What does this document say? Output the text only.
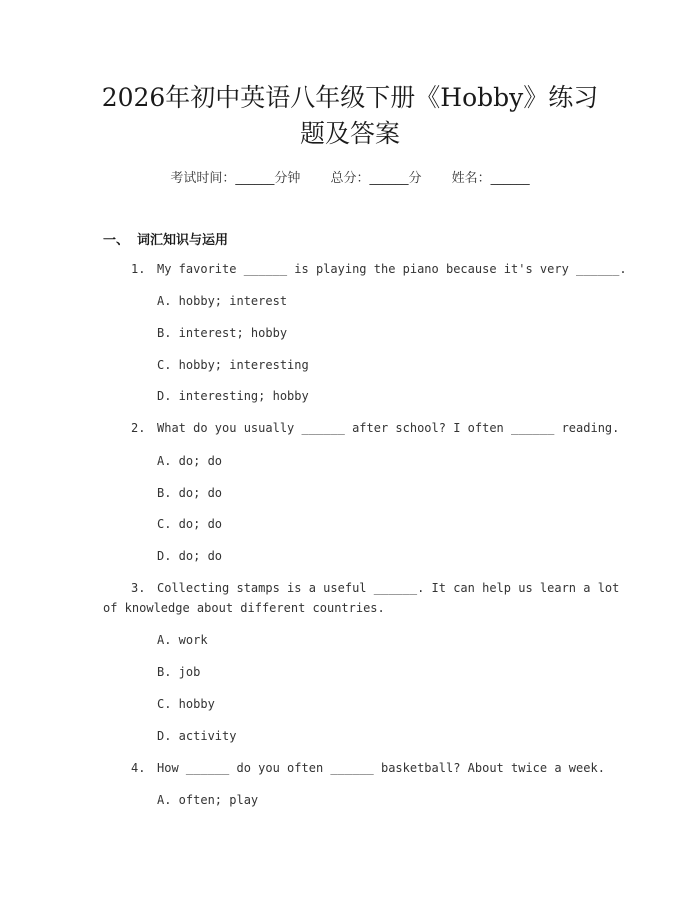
2026年初中英语八年级下册《Hobby》练习
题及答案
考试时间：______分钟 总分：______分 姓名：______
一、 词汇知识与运用
1. My favorite ______ is playing the piano because it's very ______.
A. hobby; interest
B. interest; hobby
C. hobby; interesting
D. interesting; hobby
2. What do you usually ______ after school? I often ______ reading.
A. do; do
B. do; do
C. do; do
D. do; do
3. Collecting stamps is a useful ______. It can help us learn a lot
of knowledge about different countries.
A. work
B. job
C. hobby
D. activity
4. How ______ do you often ______ basketball? About twice a week.
A. often; play
